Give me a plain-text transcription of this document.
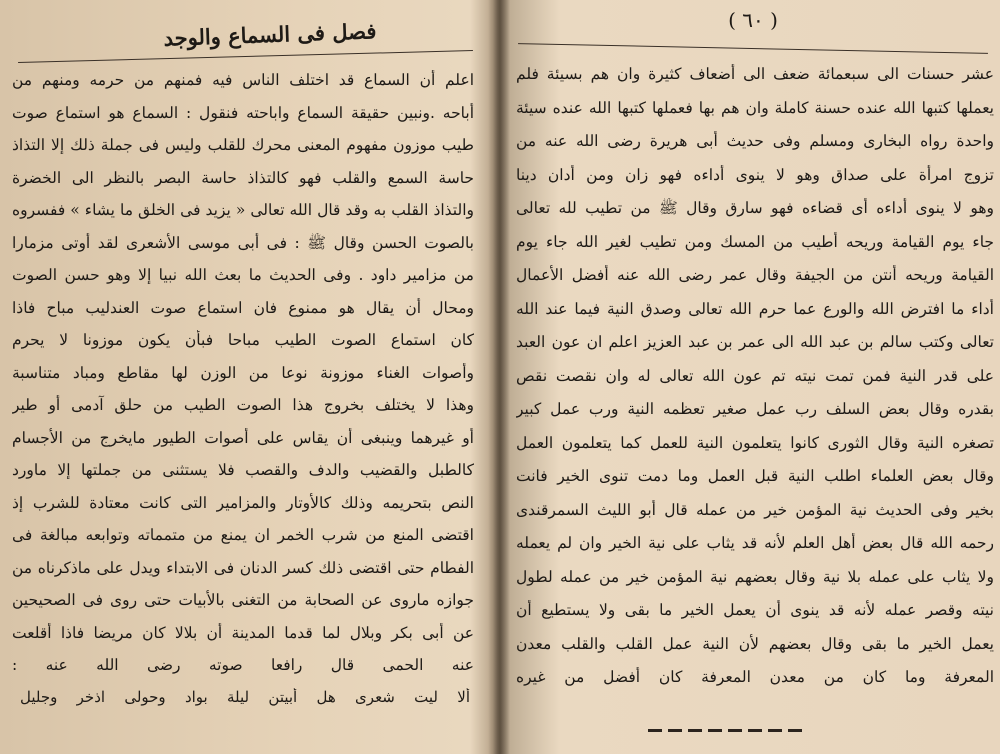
فصل فى السماع والوجد
اعلم أن السماع قد اختلف الناس فيه فمنهم من حرمه ومنهم من
أباحه .ونبين حقيقة السماع واباحته فنقول : السماع هو استماع صوت
طيب موزون مفهوم المعنى محرك للقلب وليس فى جملة ذلك إلا التذاذ
حاسة السمع والقلب فهو كالتذاذ حاسة البصر بالنظر الى الخضرة
والتذاذ القلب به وقد قال الله تعالى « يزيد فى الخلق ما يشاء » ففسروه
بالصوت الحسن وقال ﷺ : فى أبى موسى الأشعرى لقد أوتى مزمارا
من مزامير داود . وفى الحديث ما بعث الله نبيا إلا وهو حسن الصوت
ومحال أن يقال هو ممنوع فان استماع صوت العندليب مباح فاذا
كان استماع الصوت الطيب مباحا فبأن يكون موزونا لا يحرم
وأصوات الغناء موزونة نوعا من الوزن لها مقاطع ومباد متناسبة
وهذا لا يختلف بخروج هذا الصوت الطيب من حلق آدمى أو طير
أو غيرهما وينبغى أن يقاس على أصوات الطيور مايخرج من الأجسام
كالطبل والقضيب والدف والقصب فلا يستثنى من جملتها إلا ماورد
النص بتحريمه وذلك كالأوتار والمزامير التى كانت معتادة للشرب إذ
اقتضى المنع من شرب الخمر ان يمنع من متمماته وتوابعه مبالغة فى
الفطام حتى اقتضى ذلك كسر الدنان فى الابتداء ويدل على ماذكرناه من
جوازه ماروى عن الصحابة من التغنى بالأبيات حتى روى فى الصحيحين
عن أبى بكر وبلال لما قدما المدينة أن بلالا كان مريضا فاذا أقلعت
عنه الحمى قال رافعا صوته رضى الله عنه :
ألا ليت شعرى هل أبيتن ليلة بواد وحولى اذخر وجليل
( ٦٠ )
عشر حسنات الى سبعمائة ضعف الى أضعاف كثيرة وان هم بسيئة فلم
يعملها كتبها الله عنده حسنة كاملة وان هم بها فعملها كتبها الله عنده سيئة
واحدة رواه البخارى ومسلم وفى حديث أبى هريرة رضى الله عنه من
تزوج امرأة على صداق وهو لا ينوى أداءه فهو زان ومن أدان دينا
وهو لا ينوى أداءه أى قضاءه فهو سارق وقال ﷺ من تطيب لله تعالى
جاء يوم القيامة وريحه أطيب من المسك ومن تطيب لغير الله جاء يوم
القيامة وريحه أنتن من الجيفة وقال عمر رضى الله عنه أفضل الأعمال
أداء ما افترض الله والورع عما حرم الله تعالى وصدق النية فيما عند الله
تعالى وكتب سالم بن عبد الله الى عمر بن عبد العزيز اعلم ان عون العبد
على قدر النية فمن تمت نيته تم عون الله تعالى له وان نقصت نقص
بقدره وقال بعض السلف رب عمل صغير تعظمه النية ورب عمل كبير
تصغره النية وقال الثورى كانوا يتعلمون النية للعمل كما يتعلمون العمل
وقال بعض العلماء اطلب النية قبل العمل وما دمت تنوى الخير فانت
بخير وفى الحديث نية المؤمن خير من عمله قال أبو الليث السمرقندى
رحمه الله قال بعض أهل العلم لأنه قد يثاب على نية الخير وان لم يعمله
ولا يثاب على عمله بلا نية وقال بعضهم نية المؤمن خير من عمله لطول
نيته وقصر عمله لأنه قد ينوى أن يعمل الخير ما بقى ولا يستطيع أن
يعمل الخير ما بقى وقال بعضهم لأن النية عمل القلب والقلب معدن
المعرفة وما كان من معدن المعرفة كان أفضل من غيره
